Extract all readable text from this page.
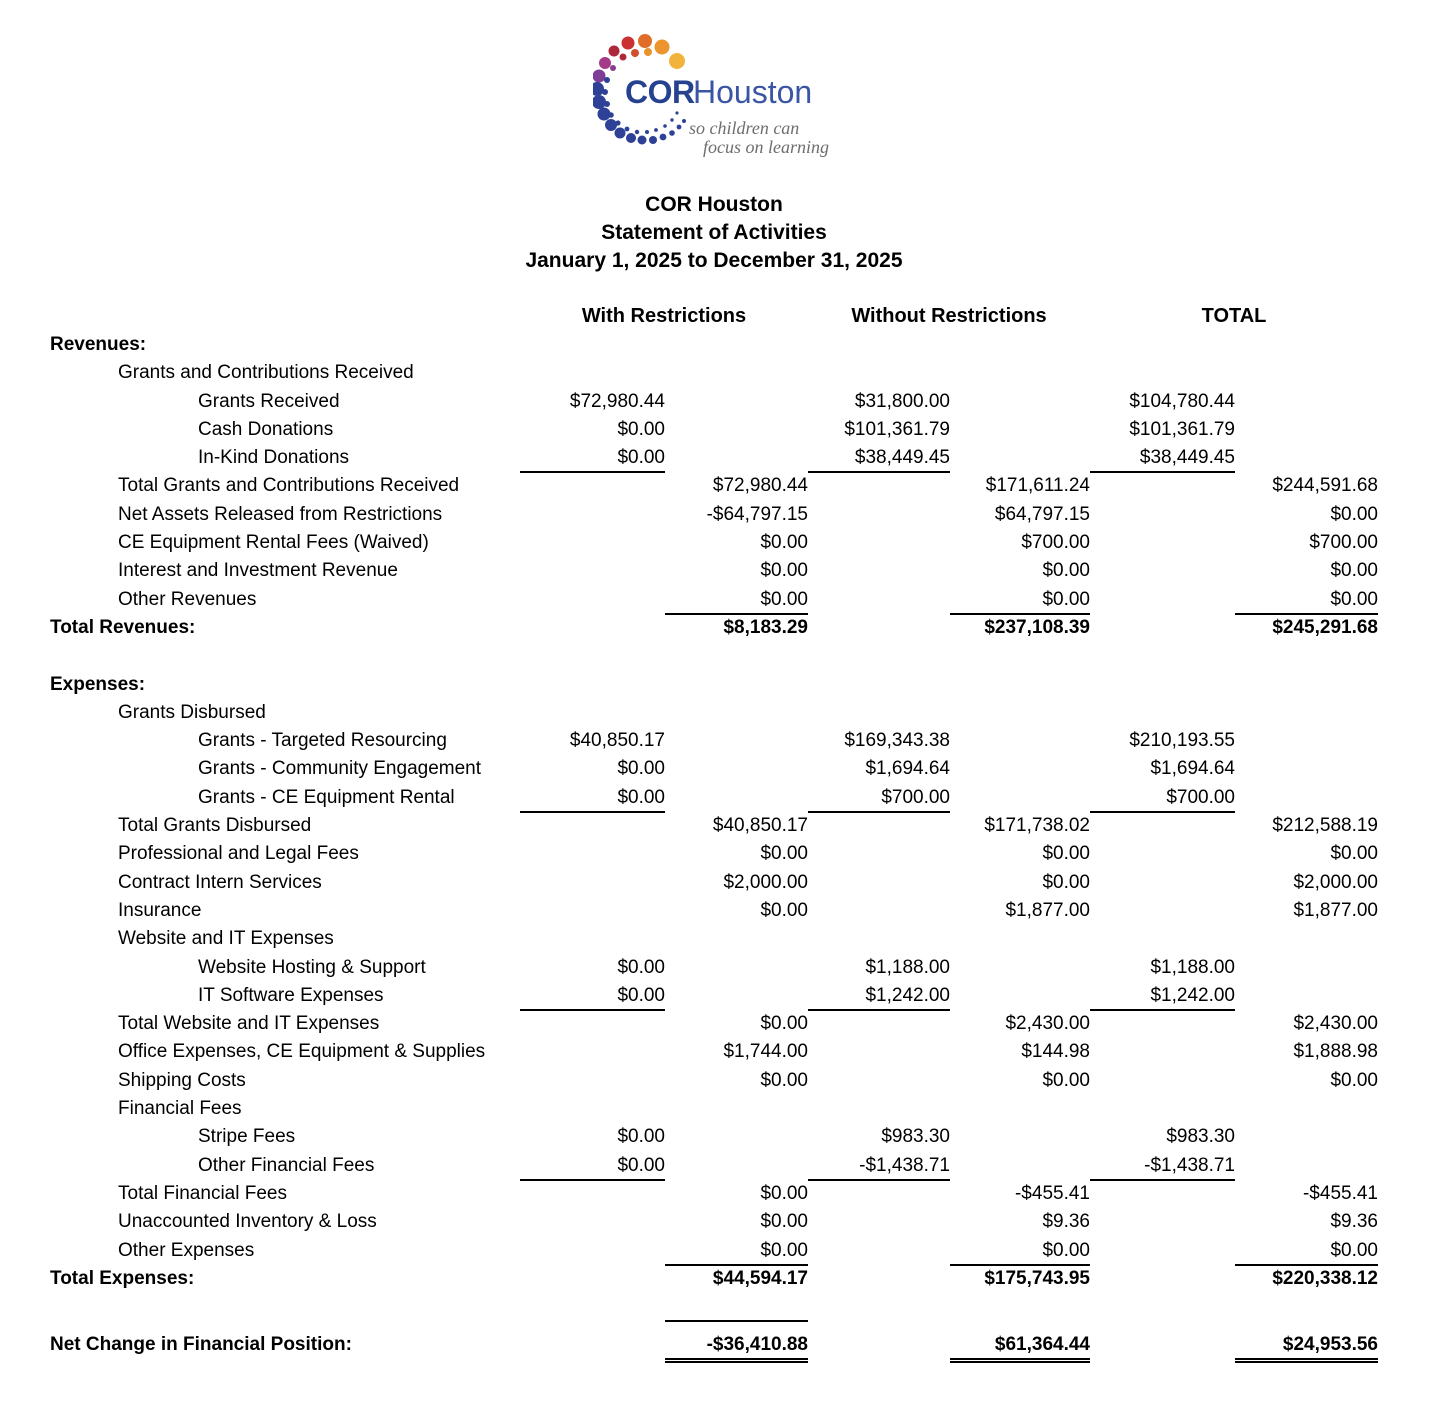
COR
Houston
so children can
focus on learning
COR Houston
Statement of Activities
January 1, 2025 to December 31, 2025
With Restrictions	Without Restrictions	TOTAL
Revenues:
Grants and Contributions Received
Grants Received	$72,980.44	$31,800.00	$104,780.44
Cash Donations	$0.00	$101,361.79	$101,361.79
In-Kind Donations	$0.00	$38,449.45	$38,449.45
Total Grants and Contributions Received	$72,980.44	$171,611.24	$244,591.68
Net Assets Released from Restrictions	-$64,797.15	$64,797.15	$0.00
CE Equipment Rental Fees (Waived)	$0.00	$700.00	$700.00
Interest and Investment Revenue	$0.00	$0.00	$0.00
Other Revenues	$0.00	$0.00	$0.00
Total Revenues:	$8,183.29	$237,108.39	$245,291.68
Expenses:
Grants Disbursed
Grants - Targeted Resourcing	$40,850.17	$169,343.38	$210,193.55
Grants - Community Engagement	$0.00	$1,694.64	$1,694.64
Grants - CE Equipment Rental	$0.00	$700.00	$700.00
Total Grants Disbursed	$40,850.17	$171,738.02	$212,588.19
Professional and Legal Fees	$0.00	$0.00	$0.00
Contract Intern Services	$2,000.00	$0.00	$2,000.00
Insurance	$0.00	$1,877.00	$1,877.00
Website and IT Expenses
Website Hosting & Support	$0.00	$1,188.00	$1,188.00
IT Software Expenses	$0.00	$1,242.00	$1,242.00
Total Website and IT Expenses	$0.00	$2,430.00	$2,430.00
Office Expenses, CE Equipment & Supplies	$1,744.00	$144.98	$1,888.98
Shipping Costs	$0.00	$0.00	$0.00
Financial Fees
Stripe Fees	$0.00	$983.30	$983.30
Other Financial Fees	$0.00	-$1,438.71	-$1,438.71
Total Financial Fees	$0.00	-$455.41	-$455.41
Unaccounted Inventory & Loss	$0.00	$9.36	$9.36
Other Expenses	$0.00	$0.00	$0.00
Total Expenses:	$44,594.17	$175,743.95	$220,338.12
Net Change in Financial Position:	-$36,410.88	$61,364.44	$24,953.56
